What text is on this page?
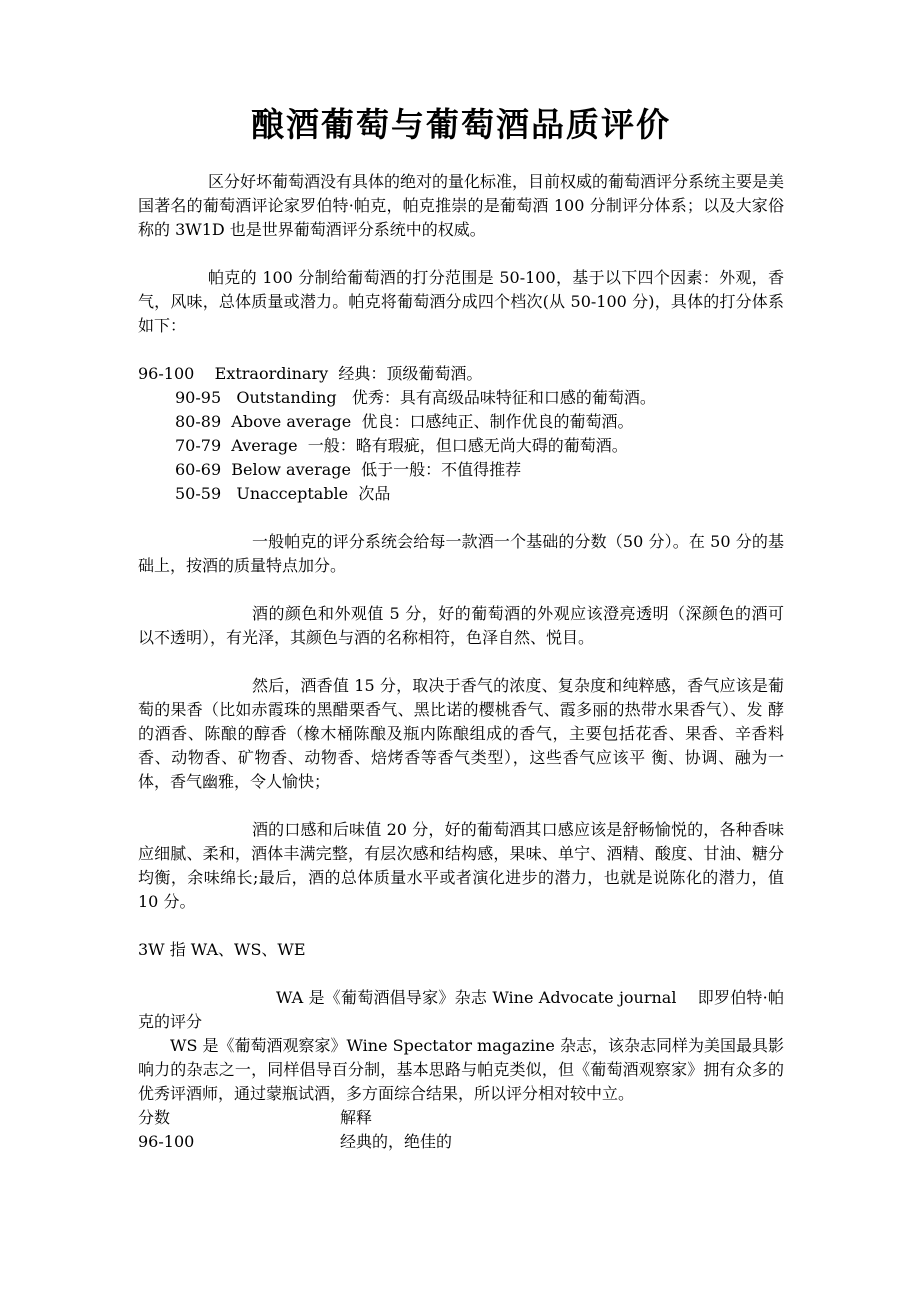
酿酒葡萄与葡萄酒品质评价

区分好坏葡萄酒没有具体的绝对的量化标准，目前权威的葡萄酒评分系统主要是美国著名的葡萄酒评论家罗伯特·帕克，帕克推崇的是葡萄酒 100 分制评分体系；以及大家俗称的 3W1D 也是世界葡萄酒评分系统中的权威。

帕克的 100 分制给葡萄酒的打分范围是 50-100，基于以下四个因素：外观，香气，风味，总体质量或潜力。帕克将葡萄酒分成四个档次(从 50-100 分)，具体的打分体系如下：

96-100    Extraordinary  经典：顶级葡萄酒。
90-95   Outstanding   优秀：具有高级品味特征和口感的葡萄酒。
80-89  Above average  优良：口感纯正、制作优良的葡萄酒。
70-79  Average  一般：略有瑕疵，但口感无尚大碍的葡萄酒。
60-69  Below average  低于一般：不值得推荐
50-59   Unacceptable  次品

一般帕克的评分系统会给每一款酒一个基础的分数（50 分）。在 50 分的基础上，按酒的质量特点加分。

酒的颜色和外观值 5 分，好的葡萄酒的外观应该澄亮透明（深颜色的酒可以不透明），有光泽，其颜色与酒的名称相符，色泽自然、悦目。

然后，酒香值 15 分，取决于香气的浓度、复杂度和纯粹感，香气应该是葡萄的果香（比如赤霞珠的黑醋栗香气、黑比诺的樱桃香气、霞多丽的热带水果香气）、发 酵的酒香、陈酿的醇香（橡木桶陈酿及瓶内陈酿组成的香气，主要包括花香、果香、辛香料香、动物香、矿物香、动物香、焙烤香等香气类型），这些香气应该平 衡、协调、融为一体，香气幽雅，令人愉快；

酒的口感和后味值 20 分，好的葡萄酒其口感应该是舒畅愉悦的，各种香味应细腻、柔和，酒体丰满完整，有层次感和结构感，果味、单宁、酒精、酸度、甘油、糖分均衡，余味绵长;最后，酒的总体质量水平或者演化进步的潜力，也就是说陈化的潜力，值 10 分。

3W 指 WA、WS、WE

WA 是《葡萄酒倡导家》杂志 Wine Advocate journal    即罗伯特·帕克的评分

WS 是《葡萄酒观察家》Wine Spectator magazine 杂志，该杂志同样为美国最具影响力的杂志之一，同样倡导百分制，基本思路与帕克类似，但《葡萄酒观察家》拥有众多的优秀评酒师，通过蒙瓶试酒，多方面综合结果，所以评分相对较中立。

分数	解释
96-100	经典的，绝佳的
